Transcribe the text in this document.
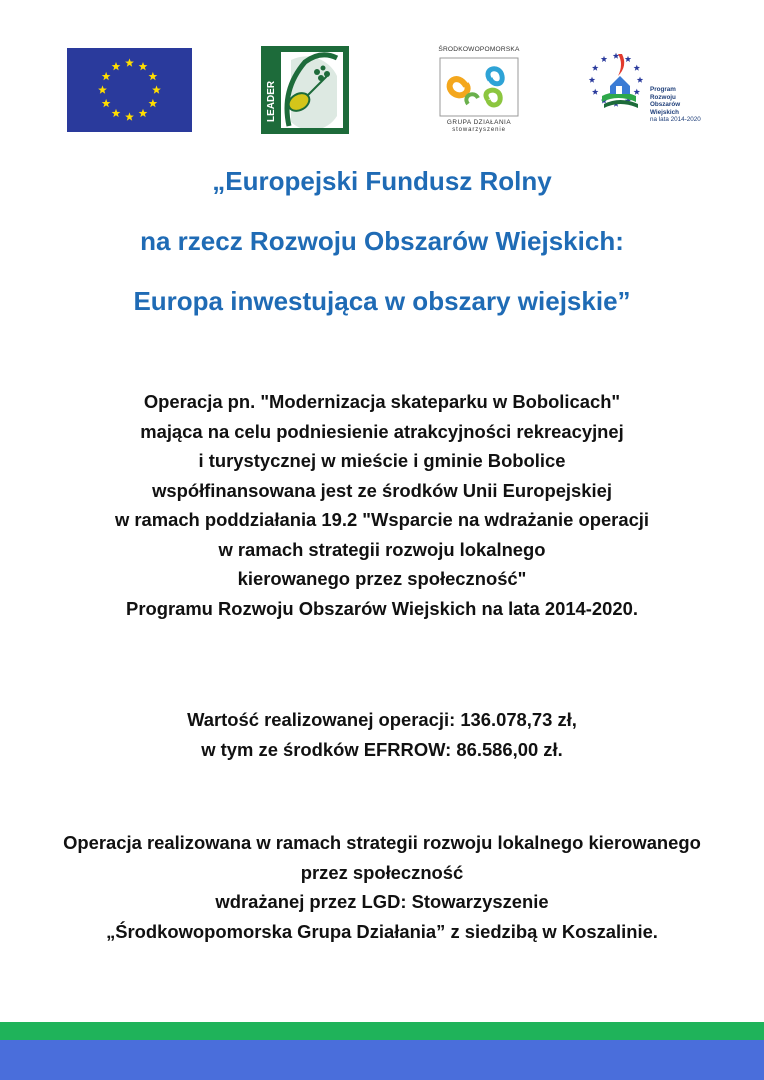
LEADER
ŚRODKOWOPOMORSKA
GRUPA DZIAŁANIA
stowarzyszenie
Program
Rozwoju
Obszarów
Wiejskich
na lata 2014-2020
„Europejski Fundusz Rolny
na rzecz Rozwoju Obszarów Wiejskich:
Europa inwestująca w obszary wiejskie”
Operacja pn. "Modernizacja skateparku w Bobolicach"
mająca na celu podniesienie atrakcyjności rekreacyjnej
i turystycznej w mieście i gminie Bobolice
współfinansowana jest ze środków Unii Europejskiej
w ramach poddziałania 19.2 "Wsparcie na wdrażanie operacji
w ramach strategii rozwoju lokalnego
kierowanego przez społeczność"
Programu Rozwoju Obszarów Wiejskich na lata 2014-2020.
Wartość realizowanej operacji: 136.078,73 zł,
w tym ze środków EFRROW: 86.586,00 zł.
Operacja realizowana w ramach strategii rozwoju lokalnego kierowanego
przez społeczność
wdrażanej przez LGD: Stowarzyszenie
„Środkowopomorska Grupa Działania” z siedzibą w Koszalinie.
